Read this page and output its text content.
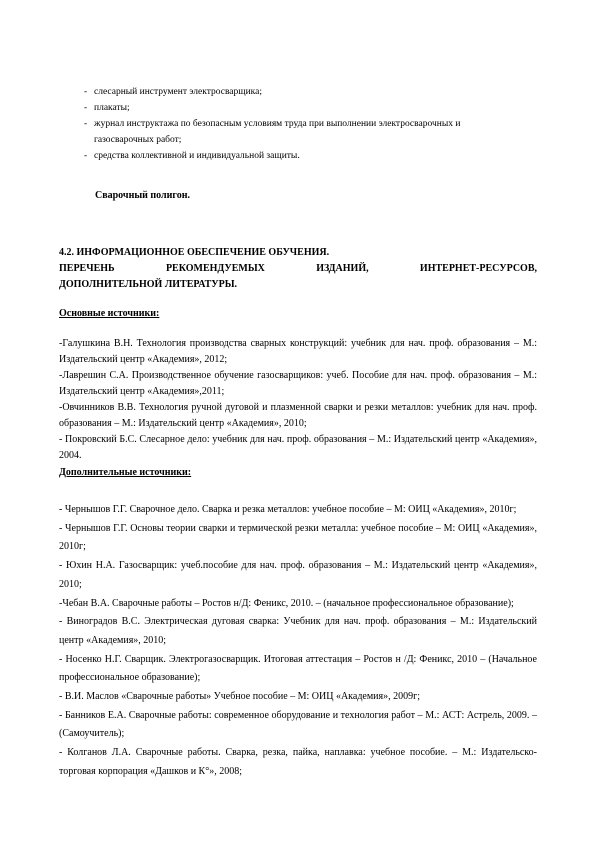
- слесарный инструмент электросварщика;
- плакаты;
- журнал инструктажа по безопасным условиям труда при выполнении электросварочных и газосварочных работ;
- средства коллективной и индивидуальной защиты.
Сварочный полигон.
4.2. ИНФОРМАЦИОННОЕ ОБЕСПЕЧЕНИЕ ОБУЧЕНИЯ.
ПЕРЕЧЕНЬ РЕКОМЕНДУЕМЫХ ИЗДАНИЙ, ИНТЕРНЕТ-РЕСУРСОВ,
ДОПОЛНИТЕЛЬНОЙ ЛИТЕРАТУРЫ.
Основные источники:

-Галушкина В.Н. Технология производства сварных конструкций: учебник для нач. проф. образования – М.: Издательский центр «Академия», 2012;

-Лаврешин С.А. Производственное обучение газосварщиков: учеб. Пособие для нач. проф. образования – М.: Издательский центр «Академия»,2011;

-Овчинников В.В. Технология ручной дуговой и плазменной сварки и резки металлов: учебник для нач. проф. образования – М.: Издательский центр «Академия», 2010;

- Покровский Б.С. Слесарное дело: учебник для нач. проф. образования – М.: Издательский центр «Академия», 2004.

Дополнительные источники:

- Чернышов Г.Г. Сварочное дело. Сварка и резка металлов: учебное пособие – М: ОИЦ «Академия», 2010г;

- Чернышов Г.Г. Основы теории сварки и термической резки металла: учебное пособие – М: ОИЦ «Академия», 2010г;

- Юхин Н.А. Газосварщик: учеб.пособие для нач. проф. образования – М.: Издательский центр «Академия», 2010;

-Чебан В.А. Сварочные работы – Ростов н/Д: Феникс, 2010. – (начальное профессиональное образование);

- Виноградов В.С. Электрическая дуговая сварка: Учебник для нач. проф. образования – М.: Издательский центр «Академия», 2010;

- Носенко Н.Г. Сварщик. Электрогазосварщик. Итоговая аттестация – Ростов н /Д: Феникс, 2010 – (Начальное профессиональное образование);

- В.И. Маслов «Сварочные работы» Учебное пособие – М: ОИЦ «Академия», 2009г;

- Банников Е.А. Сварочные работы: современное оборудование и технология работ – М.: АСТ: Астрель, 2009. – (Самоучитель);

- Колганов Л.А. Сварочные работы. Сварка, резка, пайка, наплавка: учебное пособие. – М.: Издательско-торговая корпорация «Дашков и К°», 2008;
